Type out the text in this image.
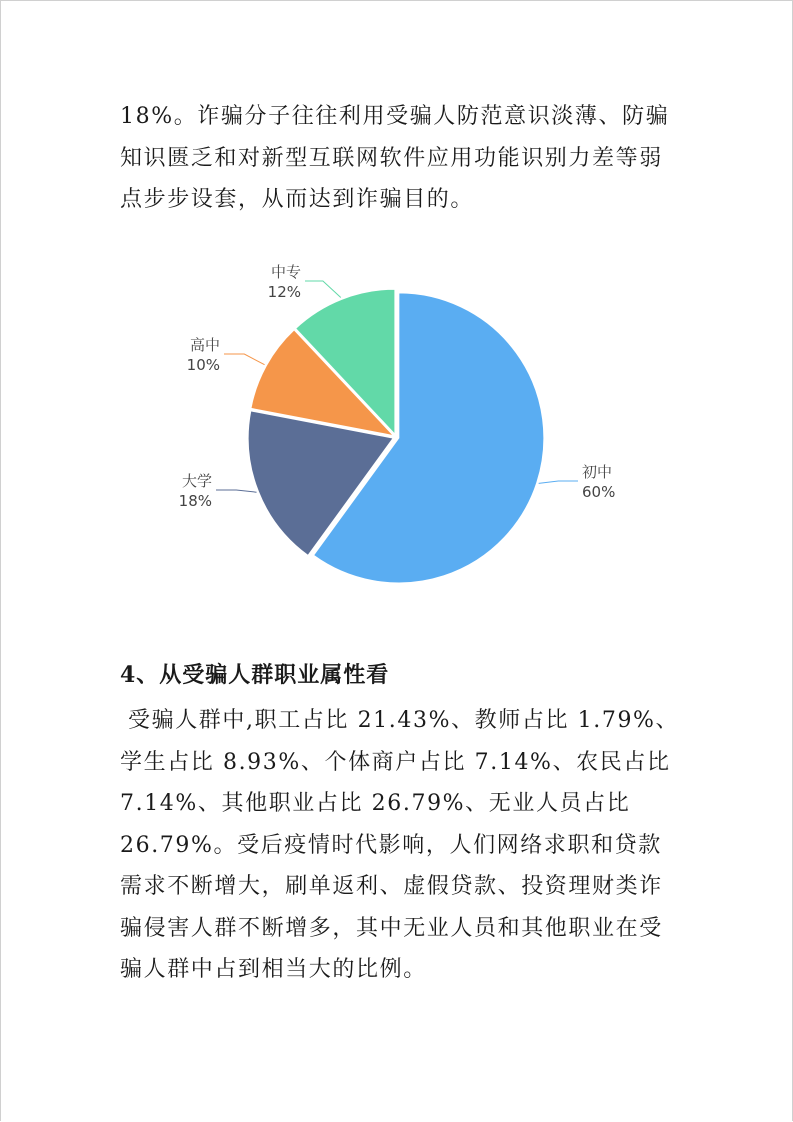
18%。诈骗分子往往利用受骗人防范意识淡薄、防骗知识匮乏和对新型互联网软件应用功能识别力差等弱点步步设套，从而达到诈骗目的。

初中
60%
大学
18%
高中
10%
中专
12%

4、从受骗人群职业属性看

受骗人群中,职工占比 21.43%、教师占比 1.79%、学生占比 8.93%、个体商户占比 7.14%、农民占比 7.14%、其他职业占比 26.79%、无业人员占比 26.79%。受后疫情时代影响，人们网络求职和贷款需求不断增大，刷单返利、虚假贷款、投资理财类诈骗侵害人群不断增多，其中无业人员和其他职业在受骗人群中占到相当大的比例。
